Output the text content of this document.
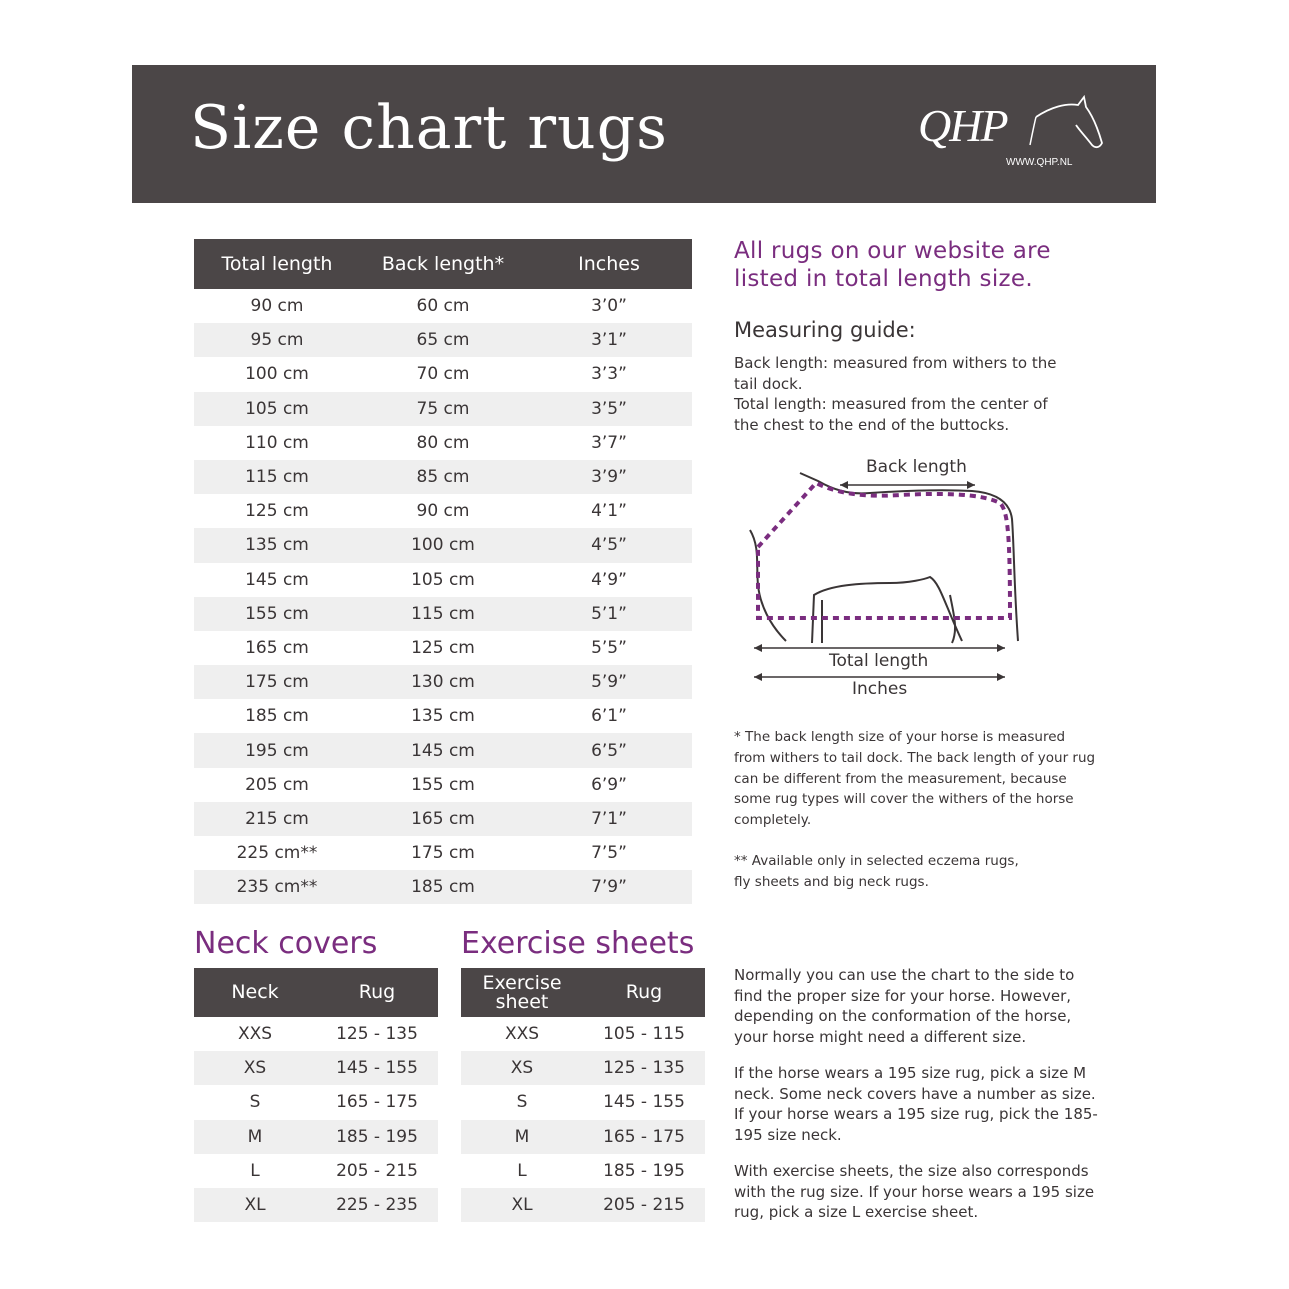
Size chart rugs	QHP
WWW.QHP.NL
Total length	Back length*	Inches
90 cm	60 cm	3’0”
95 cm	65 cm	3’1”
100 cm	70 cm	3’3”
105 cm	75 cm	3’5”
110 cm	80 cm	3’7”
115 cm	85 cm	3’9”
125 cm	90 cm	4’1”
135 cm	100 cm	4’5”
145 cm	105 cm	4’9”
155 cm	115 cm	5’1”
165 cm	125 cm	5’5”
175 cm	130 cm	5’9”
185 cm	135 cm	6’1”
195 cm	145 cm	6’5”
205 cm	155 cm	6’9”
215 cm	165 cm	7’1”
225 cm**	175 cm	7’5”
235 cm**	185 cm	7’9”
Neck covers
Neck	Rug
XXS	125 - 135
XS	145 - 155
S	165 - 175
M	185 - 195
L	205 - 215
XL	225 - 235
Exercise sheets
Exercise sheet	Rug
XXS	105 - 115
XS	125 - 135
S	145 - 155
M	165 - 175
L	185 - 195
XL	205 - 215
All rugs on our website are listed in total length size.
Measuring guide:
Back length: measured from withers to the
tail dock.
Total length: measured from the center of
the chest to the end of the buttocks.
Back length
Total length
Inches
* The back length size of your horse is measured
from withers to tail dock. The back length of your rug
can be different from the measurement, because
some rug types will cover the withers of the horse
completely.
** Available only in selected eczema rugs,
fly sheets and big neck rugs.
Normally you can use the chart to the side to
find the proper size for your horse. However,
depending on the conformation of the horse,
your horse might need a different size.
If the horse wears a 195 size rug, pick a size M
neck. Some neck covers have a number as size.
If your horse wears a 195 size rug, pick the 185-
195 size neck.
With exercise sheets, the size also corresponds
with the rug size. If your horse wears a 195 size
rug, pick a size L exercise sheet.
